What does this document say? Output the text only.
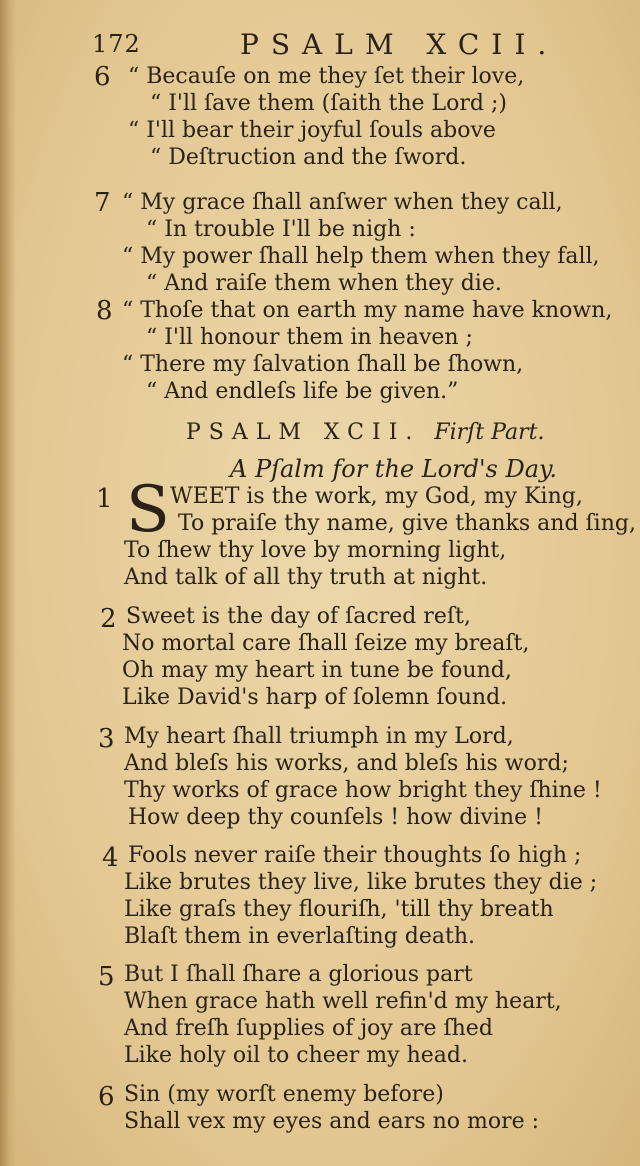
172	PSALM XCII.
6 “ Becauſe on me they ſet their love,
“ I'll ſave them (ſaith the Lord ;)
“ I'll bear their joyful ſouls above
“ Deſtruction and the ſword.
7 “ My grace ſhall anſwer when they call,
“ In trouble I'll be nigh :
“ My power ſhall help them when they fall,
“ And raiſe them when they die.
8 “ Thoſe that on earth my name have known,
“ I'll honour them in heaven ;
“ There my ſalvation ſhall be ſhown,
“ And endleſs life be given.”
PSALM XCII. Firſt Part.
A Pſalm for the Lord's Day.
1 S WEET is the work, my God, my King,
To praiſe thy name, give thanks and ſing,
To ſhew thy love by morning light,
And talk of all thy truth at night.
2 Sweet is the day of ſacred reſt,
No mortal care ſhall ſeize my breaſt,
Oh may my heart in tune be found,
Like David's harp of ſolemn ſound.
3 My heart ſhall triumph in my Lord,
And bleſs his works, and bleſs his word;
Thy works of grace how bright they ſhine !
How deep thy counſels ! how divine !
4 Fools never raiſe their thoughts ſo high ;
Like brutes they live, like brutes they die ;
Like graſs they flouriſh, 'till thy breath
Blaſt them in everlaſting death.
5 But I ſhall ſhare a glorious part
When grace hath well refin'd my heart,
And freſh ſupplies of joy are ſhed
Like holy oil to cheer my head.
6 Sin (my worſt enemy before)
Shall vex my eyes and ears no more :
